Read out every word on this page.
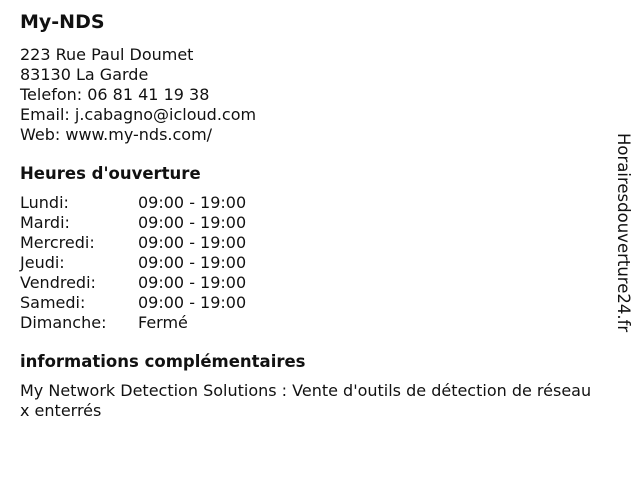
My-NDS
223 Rue Paul Doumet
83130 La Garde
Telefon: 06 81 41 19 38
Email: j.cabagno@icloud.com
Web: www.my-nds.com/
Heures d'ouverture
Lundi:	09:00 - 19:00
Mardi:	09:00 - 19:00
Mercredi:	09:00 - 19:00
Jeudi:	09:00 - 19:00
Vendredi:	09:00 - 19:00
Samedi:	09:00 - 19:00
Dimanche:	Fermé
informations complémentaires
My Network Detection Solutions : Vente d'outils de détection de réseaux enterrés
Horairesdouverture24.fr
